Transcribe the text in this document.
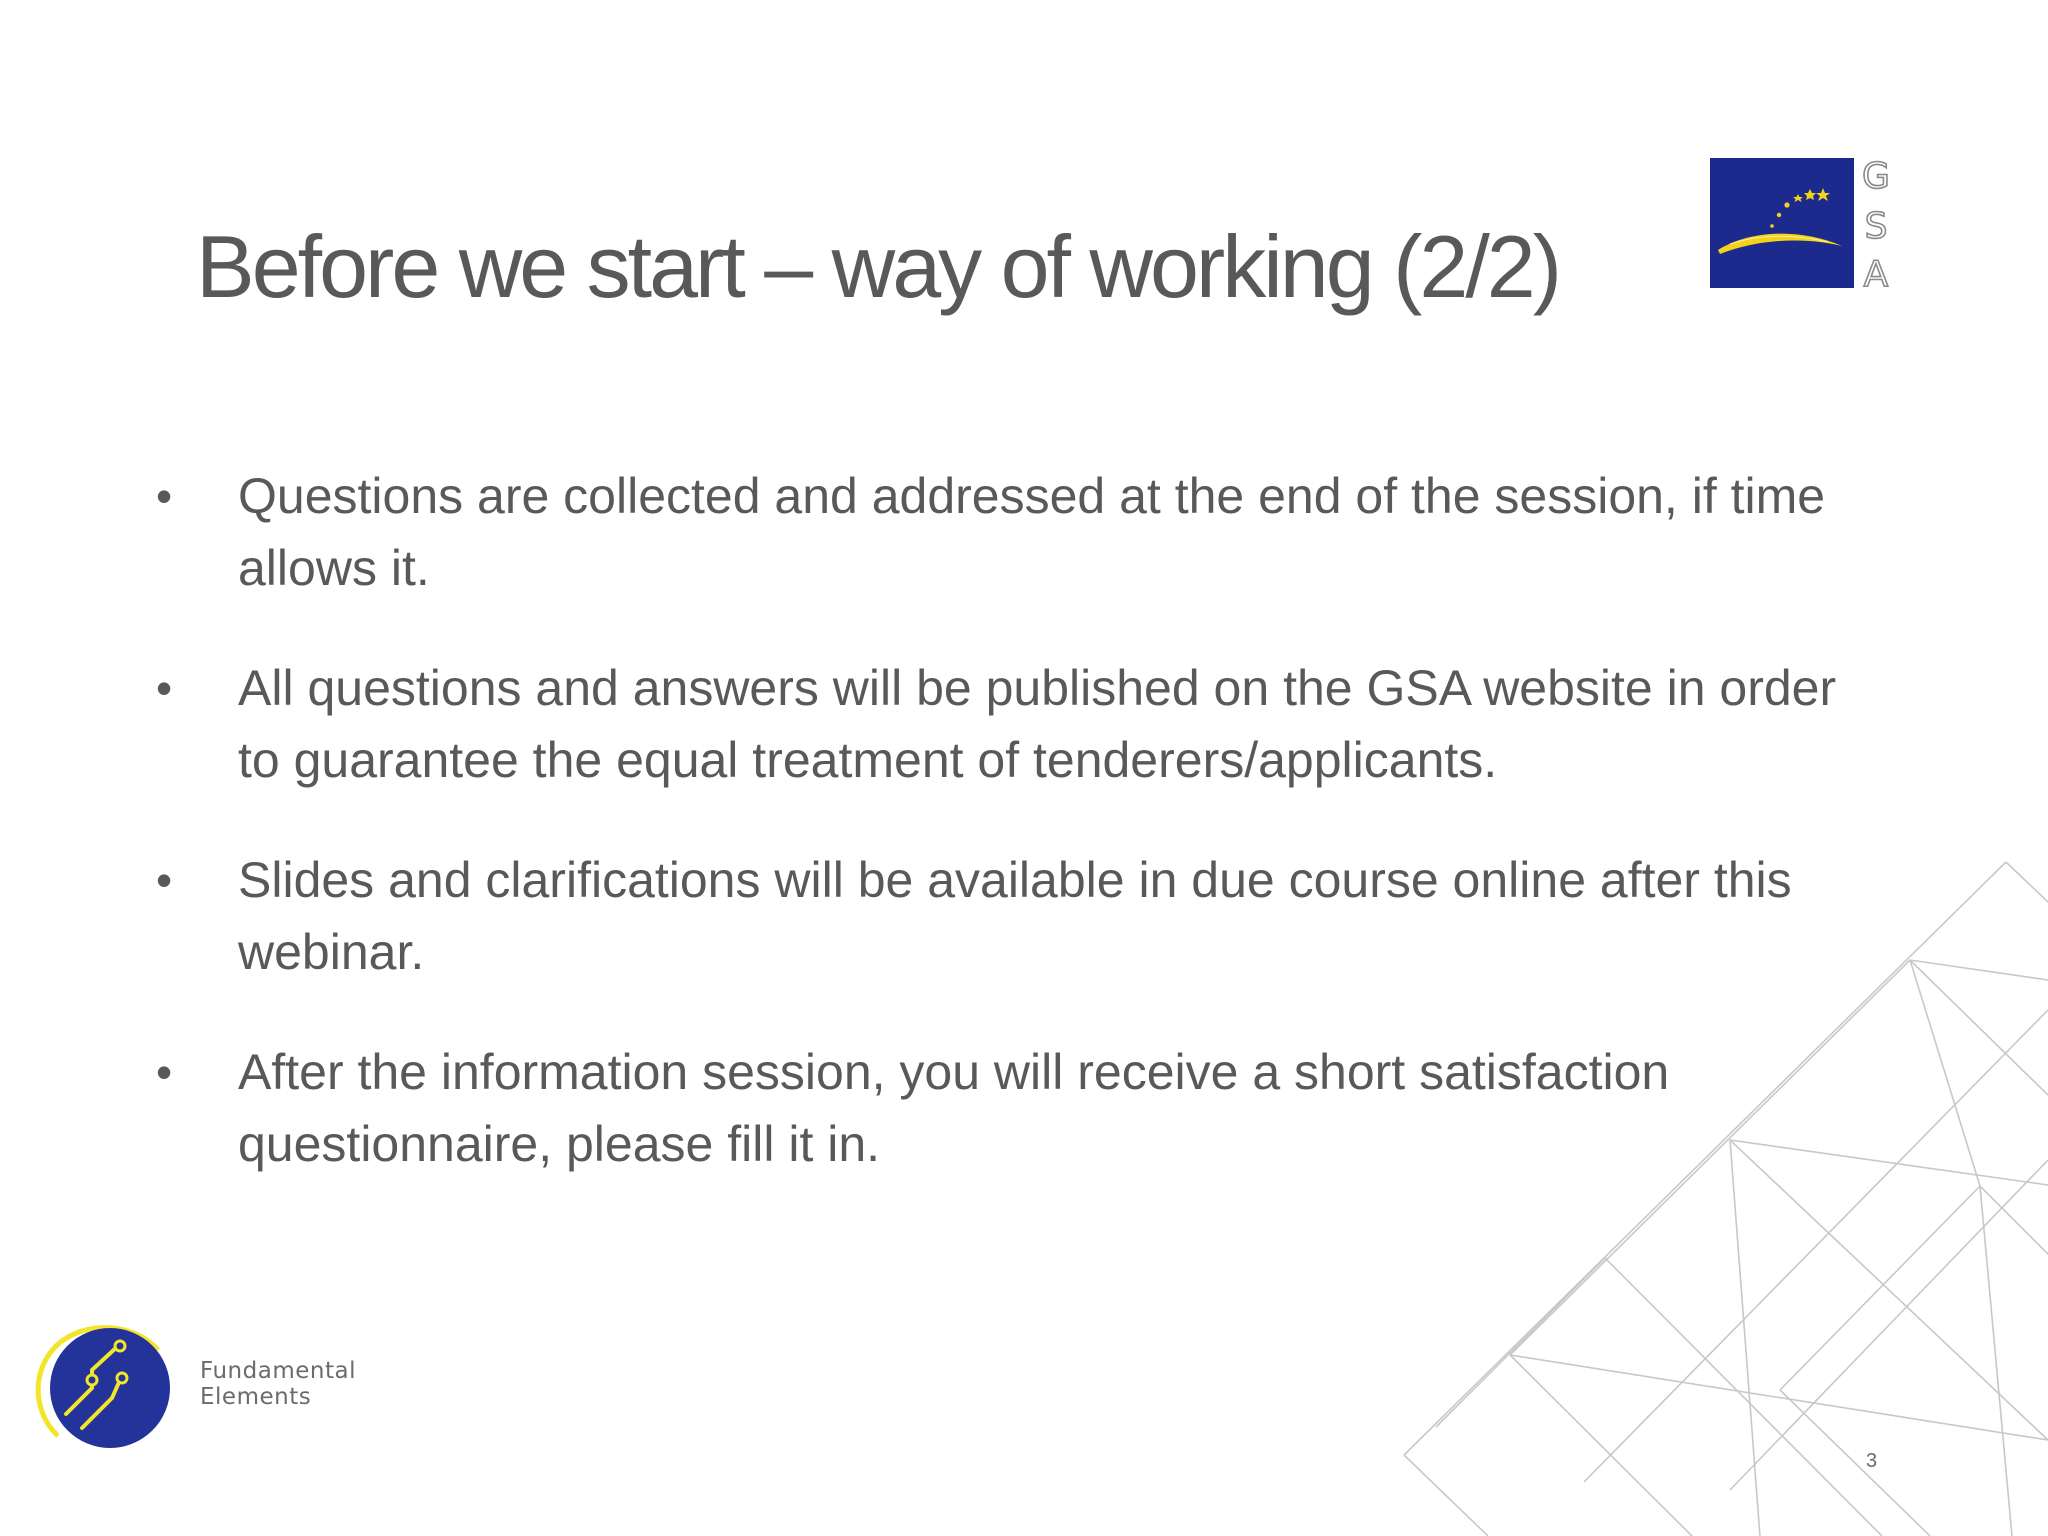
Before we start – way of working (2/2)
G
S
A
•	Questions are collected and addressed at the end of the session, if time allows it.
•	All questions and answers will be published on the GSA website in order to guarantee the equal treatment of tenderers/applicants.
•	Slides and clarifications will be available in due course online after this webinar.
•	After the information session, you will receive a short satisfaction questionnaire, please fill it in.
Fundamental
Elements
3
